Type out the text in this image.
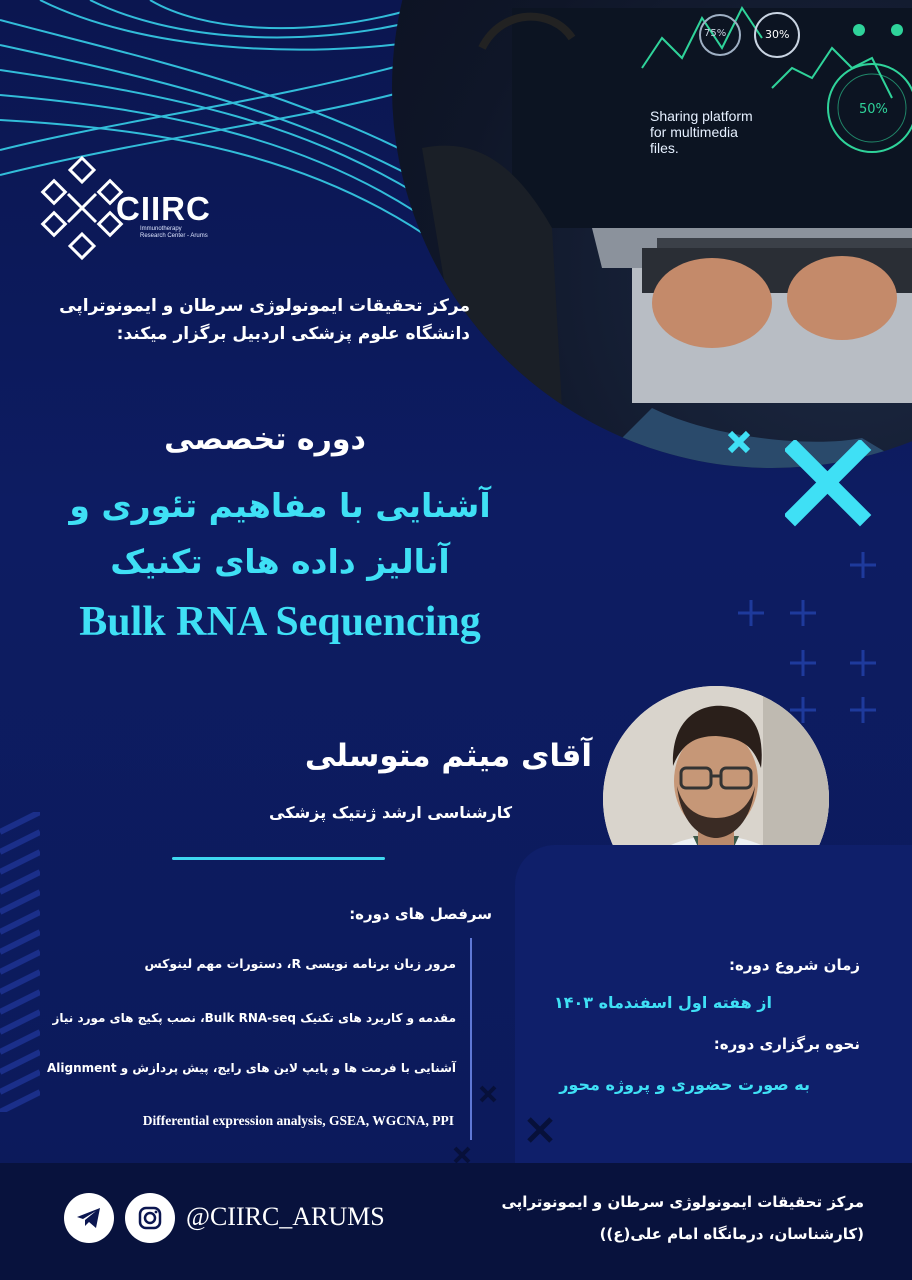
Sharing platform
for multimedia
files.
75%	30%
50%
CIIRC
Immunotherapy
Research Center - Arums
مرکز تحقیقات ایمونولوژی سرطان و ایمونوتراپی
دانشگاه علوم پزشکی اردبیل برگزار میکند:
دوره تخصصی
آشنایی با مفاهیم تئوری و
آنالیز داده های تکنیک
Bulk RNA Sequencing
آقای میثم متوسلی
کارشناسی ارشد ژنتیک پزشکی
سرفصل های دوره:
مرور زبان برنامه نویسی R، دستورات مهم لینوکس
مقدمه و کاربرد های تکنیک Bulk RNA-seq، نصب پکیج های مورد نیاز
آشنایی با فرمت ها و پایپ لاین های رایج، پیش پردازش و Alignment
Differential expression analysis, GSEA, WGCNA, PPI
زمان شروع دوره:
از هفته اول اسفندماه ۱۴۰۳
نحوه برگزاری دوره:
به صورت حضوری و پروژه محور
@CIIRC_ARUMS	مرکز تحقیقات ایمونولوژی سرطان و ایمونوتراپی
(کارشناسان، درمانگاه امام علی(ع))
